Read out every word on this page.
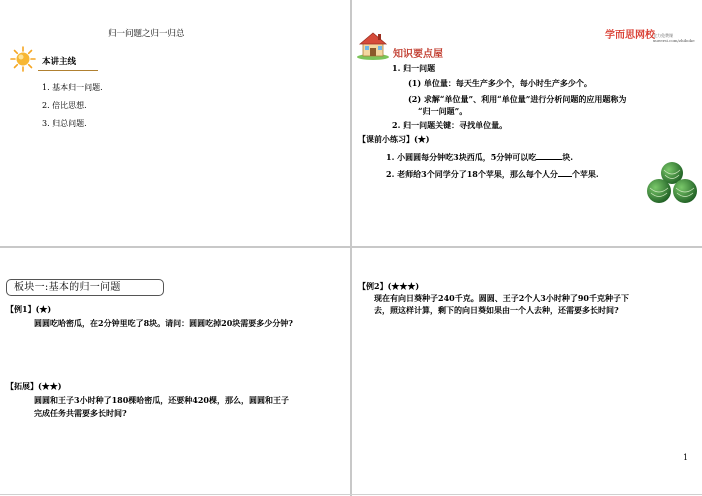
归一问题之归一归总
本讲主线
1. 基本归一问题.
2. 倍比思想.
3. 归总问题.
学而思网校
全力免费课
xueersi.com/zhiboke
知识要点屋
1. 归一问题
(1) 单位量：每天生产多少个，每小时生产多少个。
(2) 求解“单位量”、利用“单位量”进行分析问题的应用题称为
“归一问题”。
2. 归一问题关键：寻找单位量。
【课前小练习】(★)
1. 小圆圆每分钟吃3块西瓜，5分钟可以吃	块.
2. 老师给3个同学分了18个苹果，那么每个人分 个苹果.
板块一:基本的归一问题
【例1】(★)
圆圆吃哈密瓜，在2分钟里吃了8块。请问：圆圆吃掉20块需要多少分钟?
【拓展】(★★)
圆圆和王子3小时种了180棵哈密瓜，还要种420棵，那么，圆圆和王子
完成任务共需要多长时间?
【例2】(★★★)
现在有向日葵种子240千克。圆圆、王子2个人3小时种了90千克种子下
去，照这样计算，剩下的向日葵如果由一个人去种，还需要多长时间?
1
